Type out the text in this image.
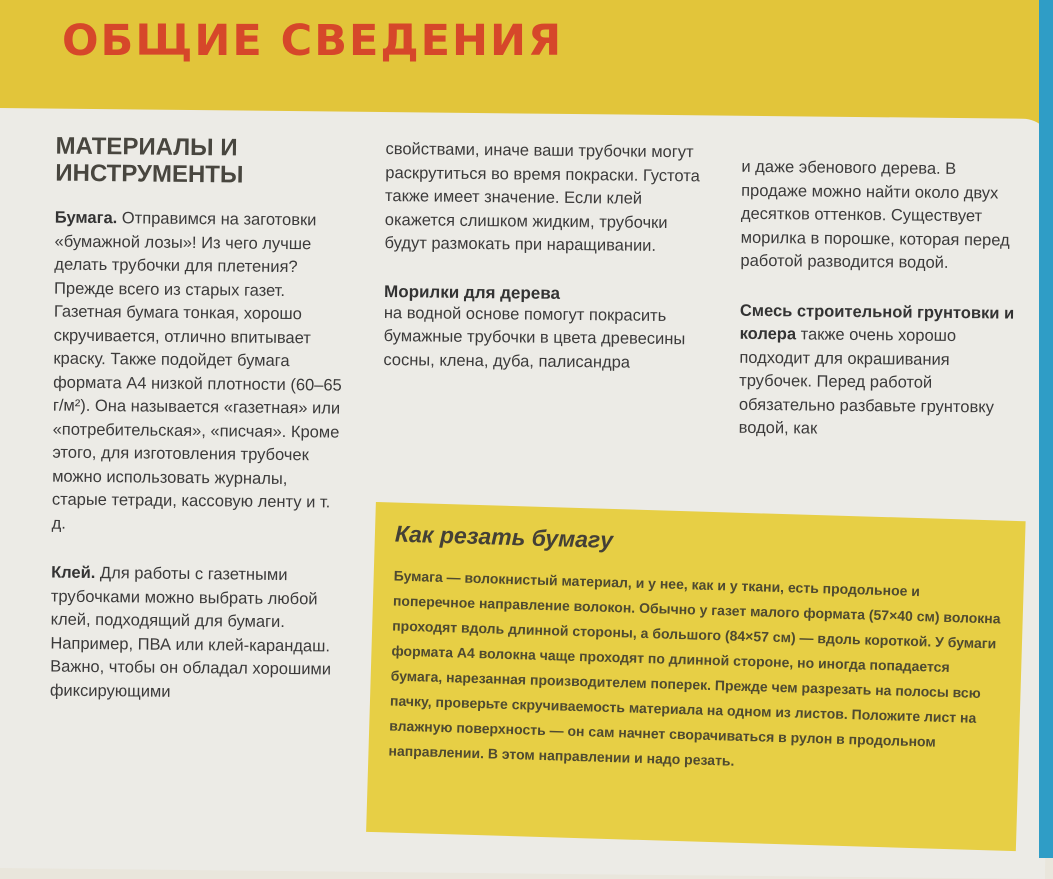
ОБЩИЕ СВЕДЕНИЯ
МАТЕРИАЛЫ И ИНСТРУМЕНТЫ

Бумага. Отправимся на заготовки «бумажной лозы»! Из чего лучше делать трубочки для плетения? Прежде всего из старых газет. Газетная бумага тонкая, хорошо скручивается, отлично впитывает краску. Также подойдет бумага формата А4 низкой плотности (60–65 г/м²). Она называется «газетная» или «потребительская», «писчая». Кроме этого, для изготовления трубочек можно использовать журналы, старые тетради, кассовую ленту и т. д.

Клей. Для работы с газетными трубочками можно выбрать любой клей, подходящий для бумаги. Например, ПВА или клей-карандаш. Важно, чтобы он обладал хорошими фиксирующими

свойствами, иначе ваши трубочки могут раскрутиться во время покраски. Густота также имеет значение. Если клей окажется слишком жидким, трубочки будут размокать при наращивании.

Морилки для дерева

на водной основе помогут покрасить бумажные трубочки в цвета древесины сосны, клена, дуба, палисандра

и даже эбенового дерева. В продаже можно найти около двух десятков оттенков. Существует морилка в порошке, которая перед работой разводится водой.

Смесь строительной грунтовки и колера также очень хорошо подходит для окрашивания трубочек. Перед работой обязательно разбавьте грунтовку водой, как

Как резать бумагу

Бумага — волокнистый материал, и у нее, как и у ткани, есть продольное и поперечное направление волокон. Обычно у газет малого формата (57×40 см) волокна проходят вдоль длинной стороны, а большого (84×57 см) — вдоль короткой. У бумаги формата А4 волокна чаще проходят по длинной стороне, но иногда попадается бумага, нарезанная производителем поперек. Прежде чем разрезать на полосы всю пачку, проверьте скручиваемость материала на одном из листов. Положите лист на влажную поверхность — он сам начнет сворачиваться в рулон в продольном направлении. В этом направлении и надо резать.
